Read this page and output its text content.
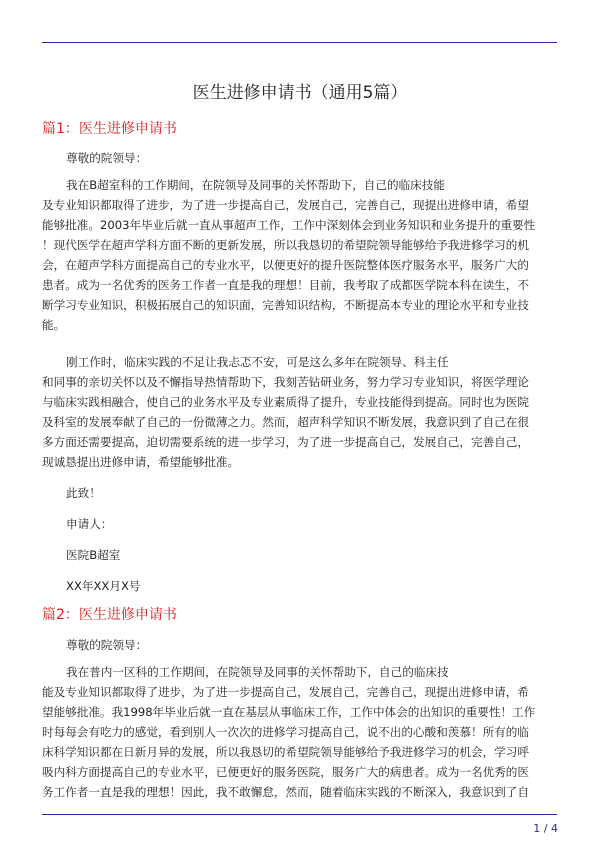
医生进修申请书（通用5篇）
篇1：医生进修申请书
尊敬的院领导：
我在B超室科的工作期间，在院领导及同事的关怀帮助下，自己的临床技能
及专业知识都取得了进步，为了进一步提高自己，发展自己，完善自己，现提出进修申请，希望
能够批准。2003年毕业后就一直从事超声工作，工作中深刻体会到业务知识和业务提升的重要性
！现代医学在超声学科方面不断的更新发展，所以我恳切的希望院领导能够给予我进修学习的机
会，在超声学科方面提高自己的专业水平，以便更好的提升医院整体医疗服务水平，服务广大的
患者。成为一名优秀的医务工作者一直是我的理想！目前，我考取了成都医学院本科在读生，不
断学习专业知识，积极拓展自己的知识面，完善知识结构，不断提高本专业的理论水平和专业技
能。
刚工作时，临床实践的不足让我忐忑不安，可是这么多年在院领导、科主任
和同事的亲切关怀以及不懈指导热情帮助下，我刻苦钻研业务，努力学习专业知识，将医学理论
与临床实践相融合，使自己的业务水平及专业素质得了提升，专业技能得到提高。同时也为医院
及科室的发展奉献了自己的一份微薄之力。然而，超声科学知识不断发展，我意识到了自己在很
多方面还需要提高，迫切需要系统的进一步学习，为了进一步提高自己，发展自己，完善自己，
现诚恳提出进修申请，希望能够批准。
此致！
申请人：
医院B超室
XX年XX月X号
篇2：医生进修申请书
尊敬的院领导：
我在普内一区科的工作期间，在院领导及同事的关怀帮助下，自己的临床技
能及专业知识都取得了进步，为了进一步提高自己，发展自己，完善自己，现提出进修申请，希
望能够批准。我1998年毕业后就一直在基层从事临床工作，工作中体会的出知识的重要性！工作
时每每会有吃力的感觉，看到别人一次次的进修学习提高自己，说不出的心酸和羡慕！所有的临
床科学知识都在日新月异的发展，所以我恳切的希望院领导能够给予我进修学习的机会，学习呼
吸内科方面提高自己的专业水平，已便更好的服务医院，服务广大的病患者。成为一名优秀的医
务工作者一直是我的理想！因此，我不敢懈怠，然而，随着临床实践的不断深入，我意识到了自
1 / 4
